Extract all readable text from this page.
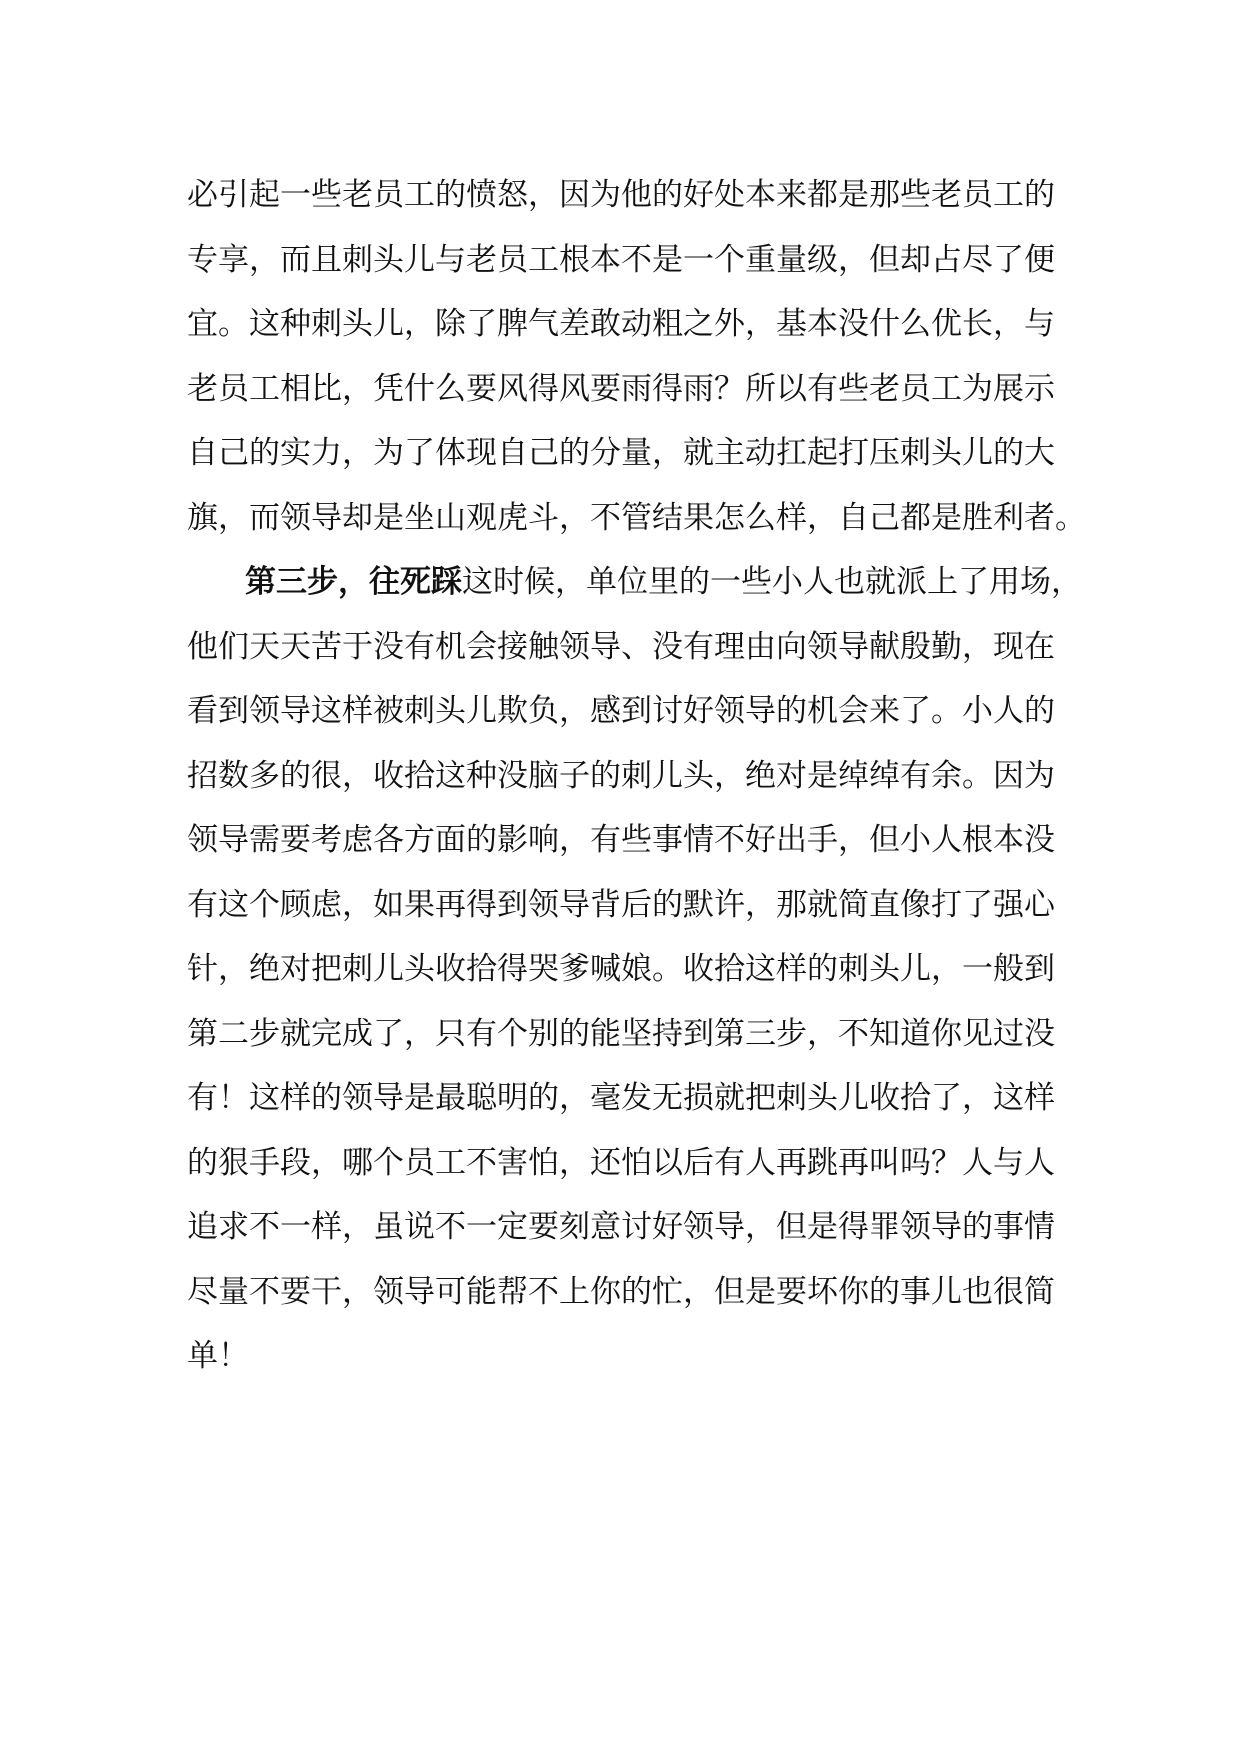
必引起一些老员工的愤怒，因为他的好处本来都是那些老员工的
专享，而且刺头儿与老员工根本不是一个重量级，但却占尽了便
宜。这种刺头儿，除了脾气差敢动粗之外，基本没什么优长，与
老员工相比，凭什么要风得风要雨得雨？所以有些老员工为展示
自己的实力，为了体现自己的分量，就主动扛起打压刺头儿的大
旗，而领导却是坐山观虎斗，不管结果怎么样，自己都是胜利者。
第三步，往死踩这时候，单位里的一些小人也就派上了用场，
他们天天苦于没有机会接触领导、没有理由向领导献殷勤，现在
看到领导这样被刺头儿欺负，感到讨好领导的机会来了。小人的
招数多的很，收拾这种没脑子的刺儿头，绝对是绰绰有余。因为
领导需要考虑各方面的影响，有些事情不好出手，但小人根本没
有这个顾虑，如果再得到领导背后的默许，那就简直像打了强心
针，绝对把刺儿头收拾得哭爹喊娘。收拾这样的刺头儿，一般到
第二步就完成了，只有个别的能坚持到第三步，不知道你见过没
有！这样的领导是最聪明的，毫发无损就把刺头儿收拾了，这样
的狠手段，哪个员工不害怕，还怕以后有人再跳再叫吗？人与人
追求不一样，虽说不一定要刻意讨好领导，但是得罪领导的事情
尽量不要干，领导可能帮不上你的忙，但是要坏你的事儿也很简
单！
